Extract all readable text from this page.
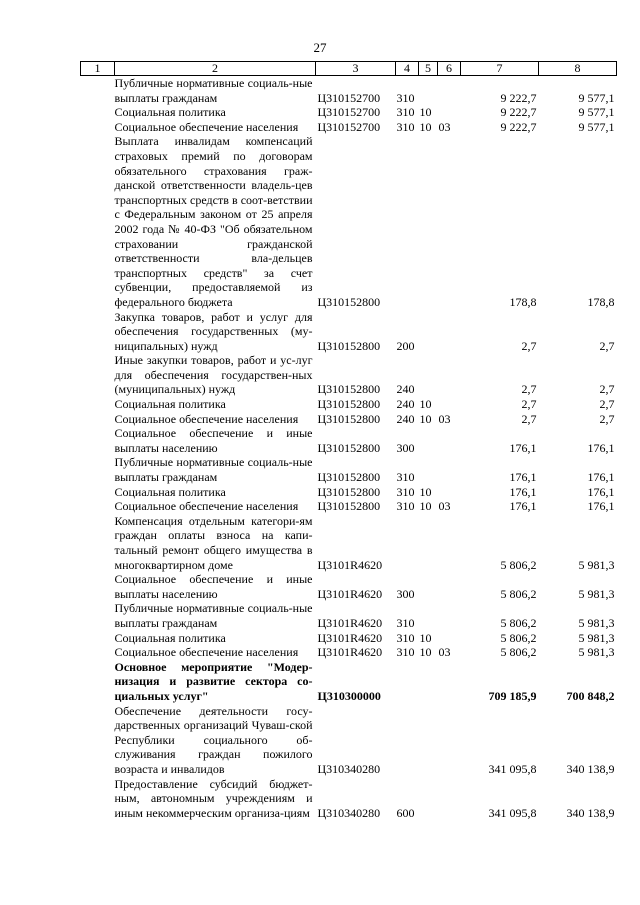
27
1	2	3	4	5	6	7	8
	Публичные нормативные социаль-ные выплаты гражданам	Ц310152700	310			9 222,7	9 577,1
	Социальная политика	Ц310152700	310	10		9 222,7	9 577,1
	Социальное обеспечение населения	Ц310152700	310	10	03	9 222,7	9 577,1
	Выплата инвалидам компенсаций страховых премий по договорам обязательного страхования граж-данской ответственности владель-цев транспортных средств в соот-ветствии с Федеральным законом от 25 апреля 2002 года № 40-ФЗ "Об обязательном страховании гражданской ответственности вла-дельцев транспортных средств" за счет субвенции, предоставляемой из федерального бюджета	Ц310152800				178,8	178,8
	Закупка товаров, работ и услуг для обеспечения государственных (му-ниципальных) нужд	Ц310152800	200			2,7	2,7
	Иные закупки товаров, работ и ус-луг для обеспечения государствен-ных (муниципальных) нужд	Ц310152800	240			2,7	2,7
	Социальная политика	Ц310152800	240	10		2,7	2,7
	Социальное обеспечение населения	Ц310152800	240	10	03	2,7	2,7
	Социальное обеспечение и иные выплаты населению	Ц310152800	300			176,1	176,1
	Публичные нормативные социаль-ные выплаты гражданам	Ц310152800	310			176,1	176,1
	Социальная политика	Ц310152800	310	10		176,1	176,1
	Социальное обеспечение населения	Ц310152800	310	10	03	176,1	176,1
	Компенсация отдельным категори-ям граждан оплаты взноса на капи-тальный ремонт общего имущества в многоквартирном доме	Ц3101R4620				5 806,2	5 981,3
	Социальное обеспечение и иные выплаты населению	Ц3101R4620	300			5 806,2	5 981,3
	Публичные нормативные социаль-ные выплаты гражданам	Ц3101R4620	310			5 806,2	5 981,3
	Социальная политика	Ц3101R4620	310	10		5 806,2	5 981,3
	Социальное обеспечение населения	Ц3101R4620	310	10	03	5 806,2	5 981,3
	Основное мероприятие "Модер-низация и развитие сектора со-циальных услуг"	Ц310300000				709 185,9	700 848,2
	Обеспечение деятельности госу-дарственных организаций Чуваш-ской Республики социального об-служивания граждан пожилого возраста и инвалидов	Ц310340280				341 095,8	340 138,9
	Предоставление субсидий бюджет-ным, автономным учреждениям и иным некоммерческим организа-циям	Ц310340280	600			341 095,8	340 138,9
